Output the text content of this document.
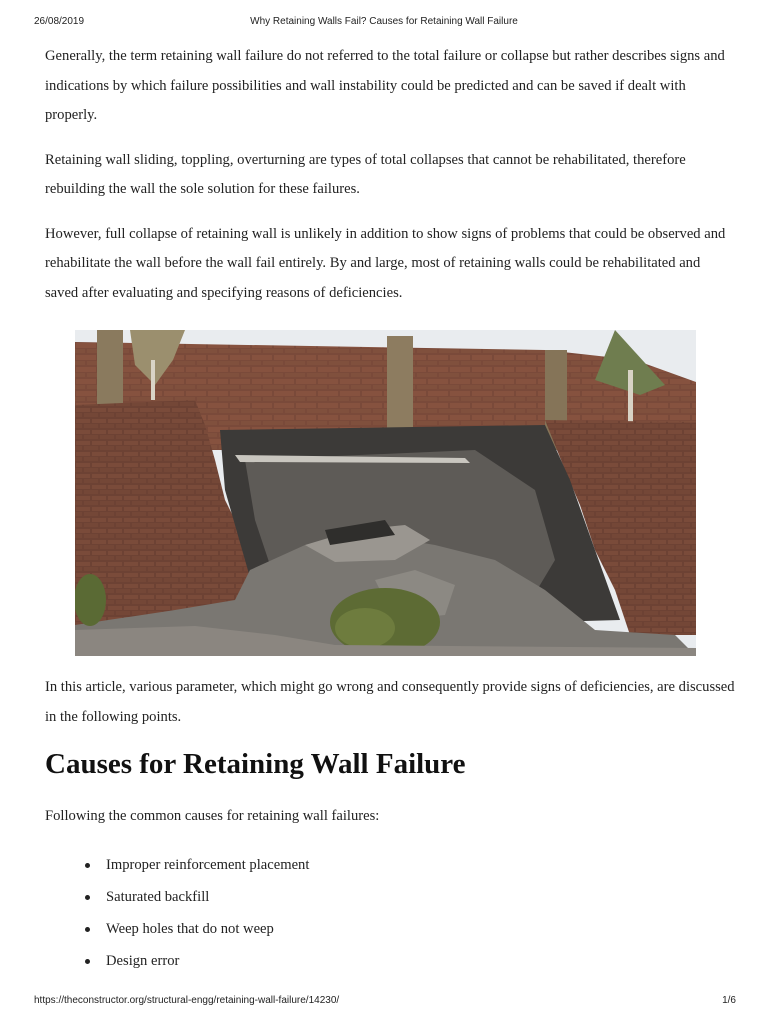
26/08/2019	Why Retaining Walls Fail? Causes for Retaining Wall Failure

Generally, the term retaining wall failure do not referred to the total failure or collapse but rather describes signs and indications by which failure possibilities and wall instability could be predicted and can be saved if dealt with properly.

Retaining wall sliding, toppling, overturning are types of total collapses that cannot be rehabilitated, therefore rebuilding the wall the sole solution for these failures.

However, full collapse of retaining wall is unlikely in addition to show signs of problems that could be observed and rehabilitate the wall before the wall fail entirely. By and large, most of retaining walls could be rehabilitated and saved after evaluating and specifying reasons of deficiencies.

In this article, various parameter, which might go wrong and consequently provide signs of deficiencies, are discussed in the following points.

Causes for Retaining Wall Failure
Following the common causes for retaining wall failures:
Improper reinforcement placement
Saturated backfill
Weep holes that do not weep
Design error
https://theconstructor.org/structural-engg/retaining-wall-failure/14230/	1/6
